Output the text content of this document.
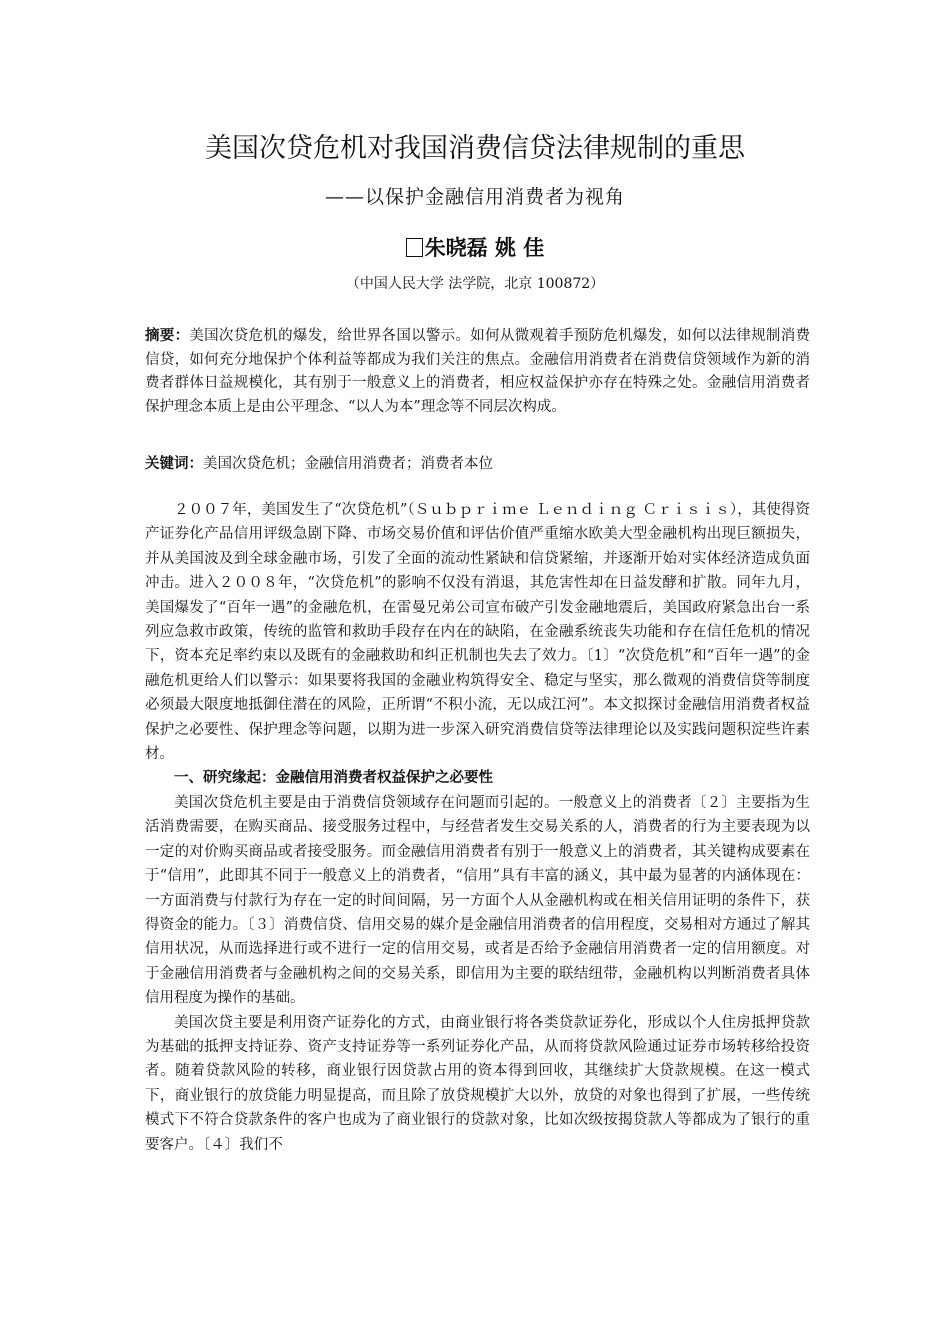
美国次贷危机对我国消费信贷法律规制的重思
——以保护金融信用消费者为视角
朱晓磊 姚 佳
（中国人民大学 法学院，北京 100872）

摘要：美国次贷危机的爆发，给世界各国以警示。如何从微观着手预防危机爆发，如何以法律规制消费信贷，如何充分地保护个体利益等都成为我们关注的焦点。金融信用消费者在消费信贷领域作为新的消费者群体日益规模化，其有别于一般意义上的消费者，相应权益保护亦存在特殊之处。金融信用消费者保护理念本质上是由公平理念、“以人为本”理念等不同层次构成。

关键词：美国次贷危机；金融信用消费者；消费者本位

２００７年，美国发生了“次贷危机”（Ｓｕｂｐｒｉｍｅ Ｌｅｎｄｉｎｇ Ｃｒｉｓｉｓ），其使得资产证券化产品信用评级急剧下降、市场交易价值和评估价值严重缩水欧美大型金融机构出现巨额损失，并从美国波及到全球金融市场，引发了全面的流动性紧缺和信贷紧缩，并逐渐开始对实体经济造成负面冲击。进入２００８年，“次贷危机”的影响不仅没有消退，其危害性却在日益发酵和扩散。同年九月，美国爆发了“百年一遇”的金融危机，在雷曼兄弟公司宣布破产引发金融地震后，美国政府紧急出台一系列应急救市政策，传统的监管和救助手段存在内在的缺陷，在金融系统丧失功能和存在信任危机的情况下，资本充足率约束以及既有的金融救助和纠正机制也失去了效力。〔1〕“次贷危机”和“百年一遇”的金融危机更给人们以警示：如果要将我国的金融业构筑得安全、稳定与坚实，那么微观的消费信贷等制度必须最大限度地抵御住潜在的风险，正所谓“不积小流，无以成江河”。本文拟探讨金融信用消费者权益保护之必要性、保护理念等问题，以期为进一步深入研究消费信贷等法律理论以及实践问题积淀些许素材。

一、研究缘起：金融信用消费者权益保护之必要性

美国次贷危机主要是由于消费信贷领域存在问题而引起的。一般意义上的消费者〔２〕主要指为生活消费需要，在购买商品、接受服务过程中，与经营者发生交易关系的人，消费者的行为主要表现为以一定的对价购买商品或者接受服务。而金融信用消费者有别于一般意义上的消费者，其关键构成要素在于“信用”，此即其不同于一般意义上的消费者，“信用”具有丰富的涵义，其中最为显著的内涵体现在：一方面消费与付款行为存在一定的时间间隔，另一方面个人从金融机构或在相关信用证明的条件下，获得资金的能力。〔３〕消费信贷、信用交易的媒介是金融信用消费者的信用程度，交易相对方通过了解其信用状况，从而选择进行或不进行一定的信用交易，或者是否给予金融信用消费者一定的信用额度。对于金融信用消费者与金融机构之间的交易关系，即信用为主要的联结纽带，金融机构以判断消费者具体信用程度为操作的基础。

美国次贷主要是利用资产证券化的方式，由商业银行将各类贷款证券化，形成以个人住房抵押贷款为基础的抵押支持证券、资产支持证券等一系列证券化产品，从而将贷款风险通过证券市场转移给投资者。随着贷款风险的转移，商业银行因贷款占用的资本得到回收，其继续扩大贷款规模。在这一模式下，商业银行的放贷能力明显提高，而且除了放贷规模扩大以外，放贷的对象也得到了扩展，一些传统模式下不符合贷款条件的客户也成为了商业银行的贷款对象，比如次级按揭贷款人等都成为了银行的重要客户。〔４〕我们不
